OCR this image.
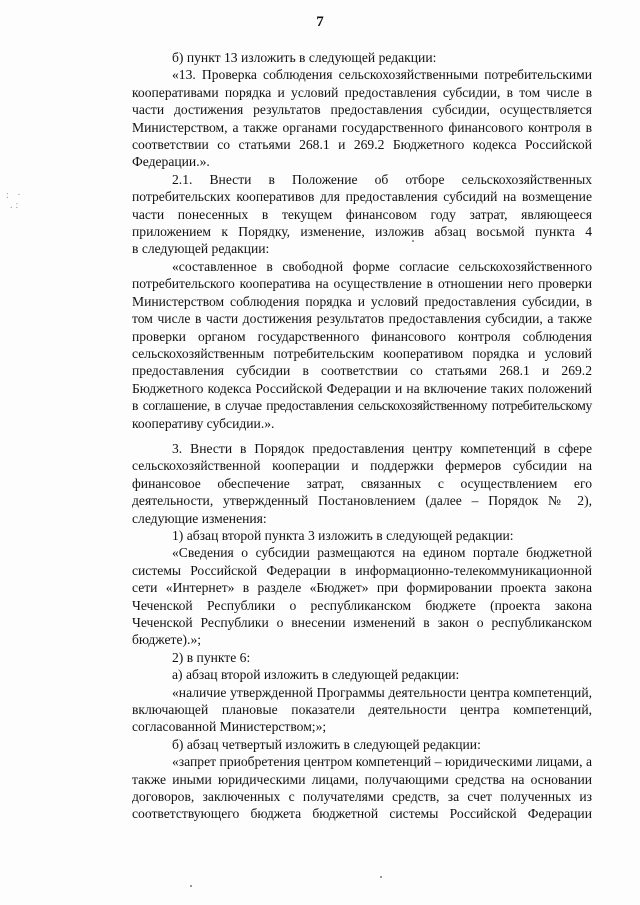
7
б) пункт 13 изложить в следующей редакции:
«13. Проверка соблюдения сельскохозяйственными потребительскими
кооперативами порядка и условий предоставления субсидии, в том числе в
части достижения результатов предоставления субсидии, осуществляется
Министерством, а также органами государственного финансового контроля в
соответствии со статьями 268.1 и 269.2 Бюджетного кодекса Российской
Федерации.».
2.1. Внести в Положение об отборе сельскохозяйственных
потребительских кооперативов для предоставления субсидий на возмещение
части понесенных в текущем финансовом году затрат, являющееся
приложением к Порядку, изменение, изложив абзац восьмой пункта 4
в следующей редакции:
«составленное в свободной форме согласие сельскохозяйственного
потребительского кооператива на осуществление в отношении него проверки
Министерством соблюдения порядка и условий предоставления субсидии, в
том числе в части достижения результатов предоставления субсидии, а также
проверки органом государственного финансового контроля соблюдения
сельскохозяйственным потребительским кооперативом порядка и условий
предоставления субсидии в соответствии со статьями 268.1 и 269.2
Бюджетного кодекса Российской Федерации и на включение таких положений
в соглашение, в случае предоставления сельскохозяйственному потребительскому
кооперативу субсидии.».
3. Внести в Порядок предоставления центру компетенций в сфере
сельскохозяйственной кооперации и поддержки фермеров субсидии на
финансовое обеспечение затрат, связанных с осуществлением его
деятельности, утвержденный Постановлением (далее – Порядок № 2),
следующие изменения:
1) абзац второй пункта 3 изложить в следующей редакции:
«Сведения о субсидии размещаются на едином портале бюджетной
системы Российской Федерации в информационно-телекоммуникационной
сети «Интернет» в разделе «Бюджет» при формировании проекта закона
Чеченской Республики о республиканском бюджете (проекта закона
Чеченской Республики о внесении изменений в закон о республиканском
бюджете).»;
2) в пункте 6:
а) абзац второй изложить в следующей редакции:
«наличие утвержденной Программы деятельности центра компетенций,
включающей плановые показатели деятельности центра компетенций,
согласованной Министерством;»;
б) абзац четвертый изложить в следующей редакции:
«запрет приобретения центром компетенций – юридическими лицами, а
также иными юридическими лицами, получающими средства на основании
договоров, заключенных с получателями средств, за счет полученных из
соответствующего бюджета бюджетной системы Российской Федерации
: ·
.:
